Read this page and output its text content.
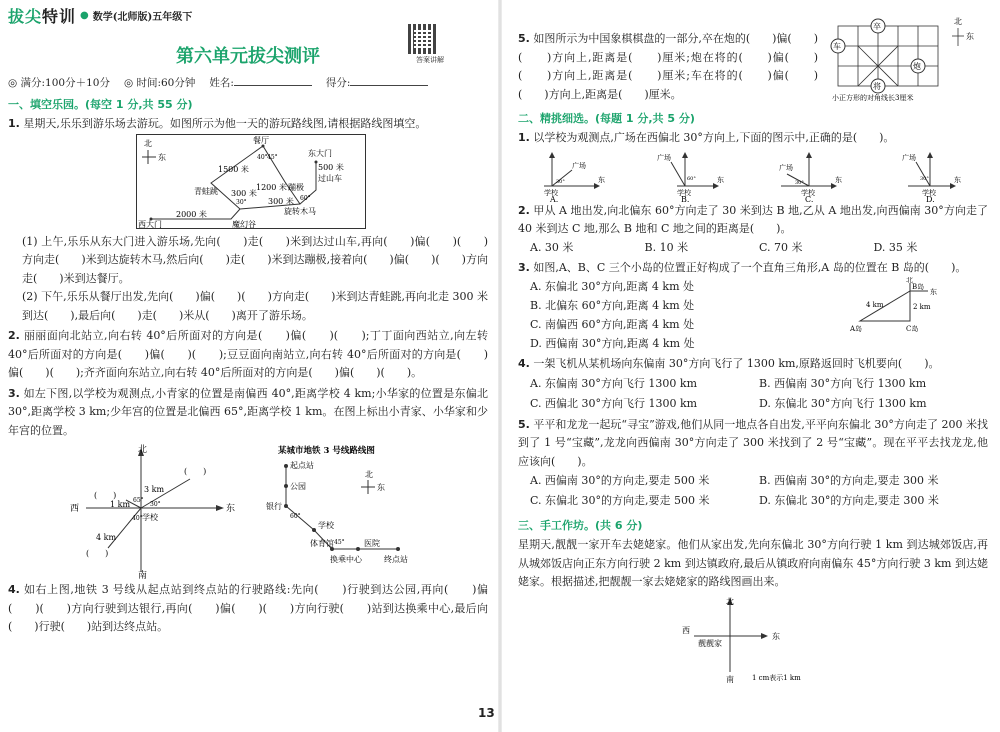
拔尖特训 ● 数学(北师版)五年级下
第六单元拔尖测评	答案讲解
◎ 满分:100分＋10分 ◎ 时间:60分钟 姓名:	得分:
一、填空乐园。(每空 1 分,共 55 分)
1. 星期天,乐乐到游乐场去游玩。如图所示为他一天的游玩路线图,请根据路线图填空。
北
东
餐厅
东大门
青蛙跳	蹦极
过山车
旋转木马
西大门	魔幻谷
1500 米
300 米
1200 米
300 米
500 米
2000 米
40° 45°
30°
60°
(1) 上午,乐乐从东大门进入游乐场,先向(　　)走(　　)米到达过山车,再向(　　)偏(　　)(　　)方向走(　　)米到达旋转木马,然后向(　　)走(　　)米到达蹦极,接着向(　　)偏(　　)(　　)方向走(　　)米到达餐厅。
(2) 下午,乐乐从餐厅出发,先向(　　)偏(　　)(　　)方向走(　　)米到达青蛙跳,再向北走 300 米到达(　　),最后向(　　)走(　　)米从(　　)离开了游乐场。
2. 丽丽面向北站立,向右转 40°后所面对的方向是(　　)偏(　　)(　　);丁丁面向西站立,向左转 40°后所面对的方向是(　　)偏(　　)(　　);豆豆面向南站立,向右转 40°后所面对的方向是(　　)偏(　　)(　　);齐齐面向东站立,向右转 40°后所面对的方向是(　　)偏(　　)(　　)。
3. 如左下图,以学校为观测点,小青家的位置是南偏西 40°,距离学校 4 km;小华家的位置是东偏北 30°,距离学校 3 km;少年宫的位置是北偏西 65°,距离学校 1 km。在图上标出小青家、小华家和少年宫的位置。
北
南
东
西
学校
3 km
1 km
4 km
65°
30°
40°
(　　)
(　　)
(　　)
某城市地铁 3 号线路线图
起点站
公园
银行
学校
体育馆	医院
换乘中心	终点站
北
东
60°
45°
4. 如右上图,地铁 3 号线从起点站到终点站的行驶路线:先向(　　)行驶到达公园,再向(　　)偏(　　)(　　)方向行驶到达银行,再向(　　)偏(　　)(　　)方向行驶(　　)站到达换乘中心,最后向(　　)行驶(　　)站到达终点站。
5. 如图所示为中国象棋棋盘的一部分,卒在炮的(　　)偏(　　)(　　)方向上,距离是(　　)厘米;炮在将的(　　)偏(　　)(　　)方向上,距离是(　　)厘米;车在将的(　　)偏(　　)(　　)方向上,距离是(　　)厘米。
车
卒
炮
将
北
东
小正方形的对角线长3厘米
二、精挑细选。(每题 1 分,共 5 分)
1. 以学校为观测点,广场在西偏北 30°方向上,下面的图示中,正确的是(　　)。
广场
学校
东
30°
A.
广场
学校
东
60°
B.
广场
学校
东
30°
C.
广场
学校
东
30°
D.
2. 甲从 A 地出发,向北偏东 60°方向走了 30 米到达 B 地,乙从 A 地出发,向西偏南 30°方向走了 40 米到达 C 地,那么 B 地和 C 地之间的距离是(　　)。
A. 30 米	B. 10 米	C. 70 米	D. 35 米
3. 如图,A、B、C 三个小岛的位置正好构成了一个直角三角形,A 岛的位置在 B 岛的(　　)。
A. 东偏北 30°方向,距离 4 km 处
B. 北偏东 60°方向,距离 4 km 处
C. 南偏西 60°方向,距离 4 km 处
D. 西偏南 30°方向,距离 4 km 处
北
东
B岛
A岛	C岛
4 km	2 km
4. 一架飞机从某机场向东偏南 30°方向飞行了 1300 km,原路返回时飞机要向(　　)。
A. 东偏南 30°方向飞行 1300 km	B. 西偏南 30°方向飞行 1300 km
C. 西偏北 30°方向飞行 1300 km	D. 东偏北 30°方向飞行 1300 km
5. 平平和龙龙一起玩“寻宝”游戏,他们从同一地点各自出发,平平向东偏北 30°方向走了 200 米找到了 1 号“宝藏”,龙龙向西偏南 30°方向走了 300 米找到了 2 号“宝藏”。现在平平去找龙龙,他应该向(　　)。
A. 西偏南 30°的方向走,要走 500 米	B. 西偏南 30°的方向走,要走 300 米
C. 东偏北 30°的方向走,要走 500 米	D. 东偏北 30°的方向走,要走 300 米
三、手工作坊。(共 6 分)
星期天,靓靓一家开车去姥姥家。他们从家出发,先向东偏北 30°方向行驶 1 km 到达城郊饭店,再从城郊饭店向正东方向行驶 2 km 到达镇政府,最后从镇政府向南偏东 45°方向行驶 3 km 到达姥姥家。根据描述,把靓靓一家去姥姥家的路线图画出来。
北
南
东
西
靓靓家
1 cm表示1 km
13
